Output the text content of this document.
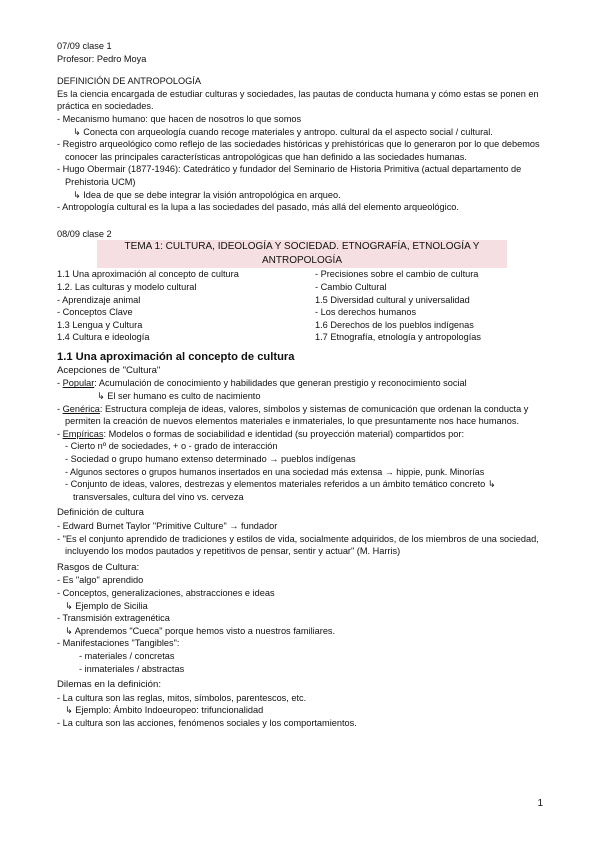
07/09 clase 1
Profesor: Pedro Moya
DEFINICIÓN DE ANTROPOLOGÍA
Es la ciencia encargada de estudiar culturas y sociedades, las pautas de conducta humana y cómo estas se ponen en práctica en sociedades.
- Mecanismo humano: que hacen de nosotros lo que somos
↳ Conecta con arqueología cuando recoge materiales y antropo. cultural da el aspecto social / cultural.
- Registro arqueológico como reflejo de las sociedades históricas y prehistóricas que lo generaron por lo que debemos conocer las principales características antropológicas que han definido a las sociedades humanas.
- Hugo Obermair (1877-1946): Catedrático y fundador del Seminario de Historia Primitiva (actual departamento de Prehistoria UCM)
↳ Idea de que se debe integrar la visión antropológica en arqueo.
- Antropología cultural es la lupa a las sociedades del pasado, más allá del elemento arqueológico.
08/09 clase 2
TEMA 1: CULTURA, IDEOLOGÍA Y SOCIEDAD. ETNOGRAFÍA, ETNOLOGÍA Y ANTROPOLOGÍA
1.1 Una aproximación al concepto de cultura
1.2. Las culturas y modelo cultural
- Aprendizaje animal
- Conceptos Clave
1.3 Lengua y Cultura
1.4 Cultura e ideología
- Precisiones sobre el cambio de cultura
- Cambio Cultural
1.5 Diversidad cultural y universalidad
- Los derechos humanos
1.6 Derechos de los pueblos indígenas
1.7 Etnografía, etnología y antropologías
1.1 Una aproximación al concepto de cultura
Acepciones de "Cultura"
- Popular: Acumulación de conocimiento y habilidades que generan prestigio y reconocimiento social
↳ El ser humano es culto de nacimiento
- Genérica: Estructura compleja de ideas, valores, símbolos y sistemas de comunicación que ordenan la conducta y permiten la creación de nuevos elementos materiales e inmateriales, lo que presuntamente nos hace humanos.
- Empíricas: Modelos o formas de sociabilidad e identidad (su proyección material) compartidos por:
- Cierto nº de sociedades, + o - grado de interacción
- Sociedad o grupo humano extenso determinado → pueblos indígenas
- Algunos sectores o grupos humanos insertados en una sociedad más extensa → hippie, punk. Minorías
- Conjunto de ideas, valores, destrezas y elementos materiales referidos a un ámbito temático concreto ↳ transversales, cultura del vino vs. cerveza
Definición de cultura
- Edward Burnet Taylor "Primitive Culture" → fundador
- "Es el conjunto aprendido de tradiciones y estilos de vida, socialmente adquiridos, de los miembros de una sociedad, incluyendo los modos pautados y repetitivos de pensar, sentir y actuar" (M. Harris)
Rasgos de Cultura:
- Es "algo" aprendido
- Conceptos, generalizaciones, abstracciones e ideas
↳ Ejemplo de Sicilia
- Transmisión extragenética
↳ Aprendemos "Cueca" porque hemos visto a nuestros familiares.
- Manifestaciones "Tangibles":
- materiales / concretas
- inmateriales / abstractas
Dilemas en la definición:
- La cultura son las reglas, mitos, símbolos, parentescos, etc.
↳ Ejemplo: Ámbito Indoeuropeo: trifuncionalidad
- La cultura son las acciones, fenómenos sociales y los comportamientos.
1
